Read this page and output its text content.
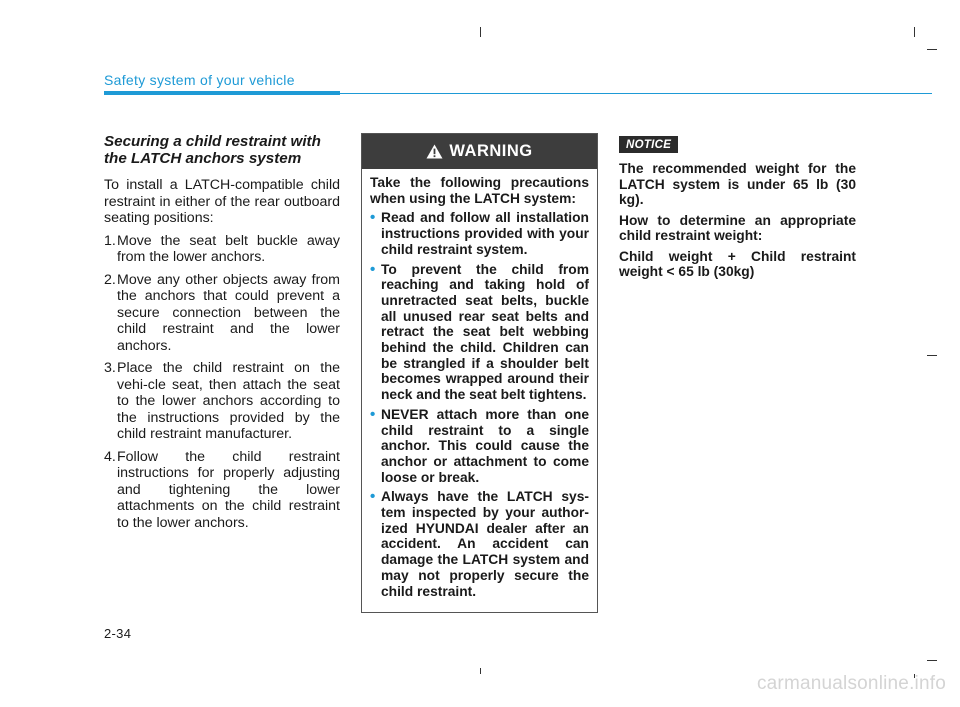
Safety system of your vehicle
Securing a child restraint with the LATCH anchors system

To install a LATCH-compatible child restraint in either of the rear outboard seating positions:

1. Move the seat belt buckle away from the lower anchors.
2. Move any other objects away from the anchors that could prevent a secure connection between the child restraint and the lower anchors.
3. Place the child restraint on the vehi-cle seat, then attach the seat to the lower anchors according to the instructions provided by the child restraint manufacturer.
4. Follow the child restraint instructions for properly adjusting and tightening the lower attachments on the child restraint to the lower anchors.
WARNING

Take the following precautions when using the LATCH system:

• Read and follow all installation instructions provided with your child restraint system.
• To prevent the child from reaching and taking hold of unretracted seat belts, buckle all unused rear seat belts and retract the seat belt webbing behind the child. Children can be strangled if a shoulder belt becomes wrapped around their neck and the seat belt tightens.
• NEVER attach more than one child restraint to a single anchor. This could cause the anchor or attachment to come loose or break.
• Always have the LATCH sys-tem inspected by your author-ized HYUNDAI dealer after an accident. An accident can damage the LATCH system and may not properly secure the child restraint.
NOTICE

The recommended weight for the LATCH system is under 65 lb (30 kg).

How to determine an appropriate child restraint weight:

Child weight + Child restraint weight < 65 lb (30kg)

2-34
carmanualsonline.info
